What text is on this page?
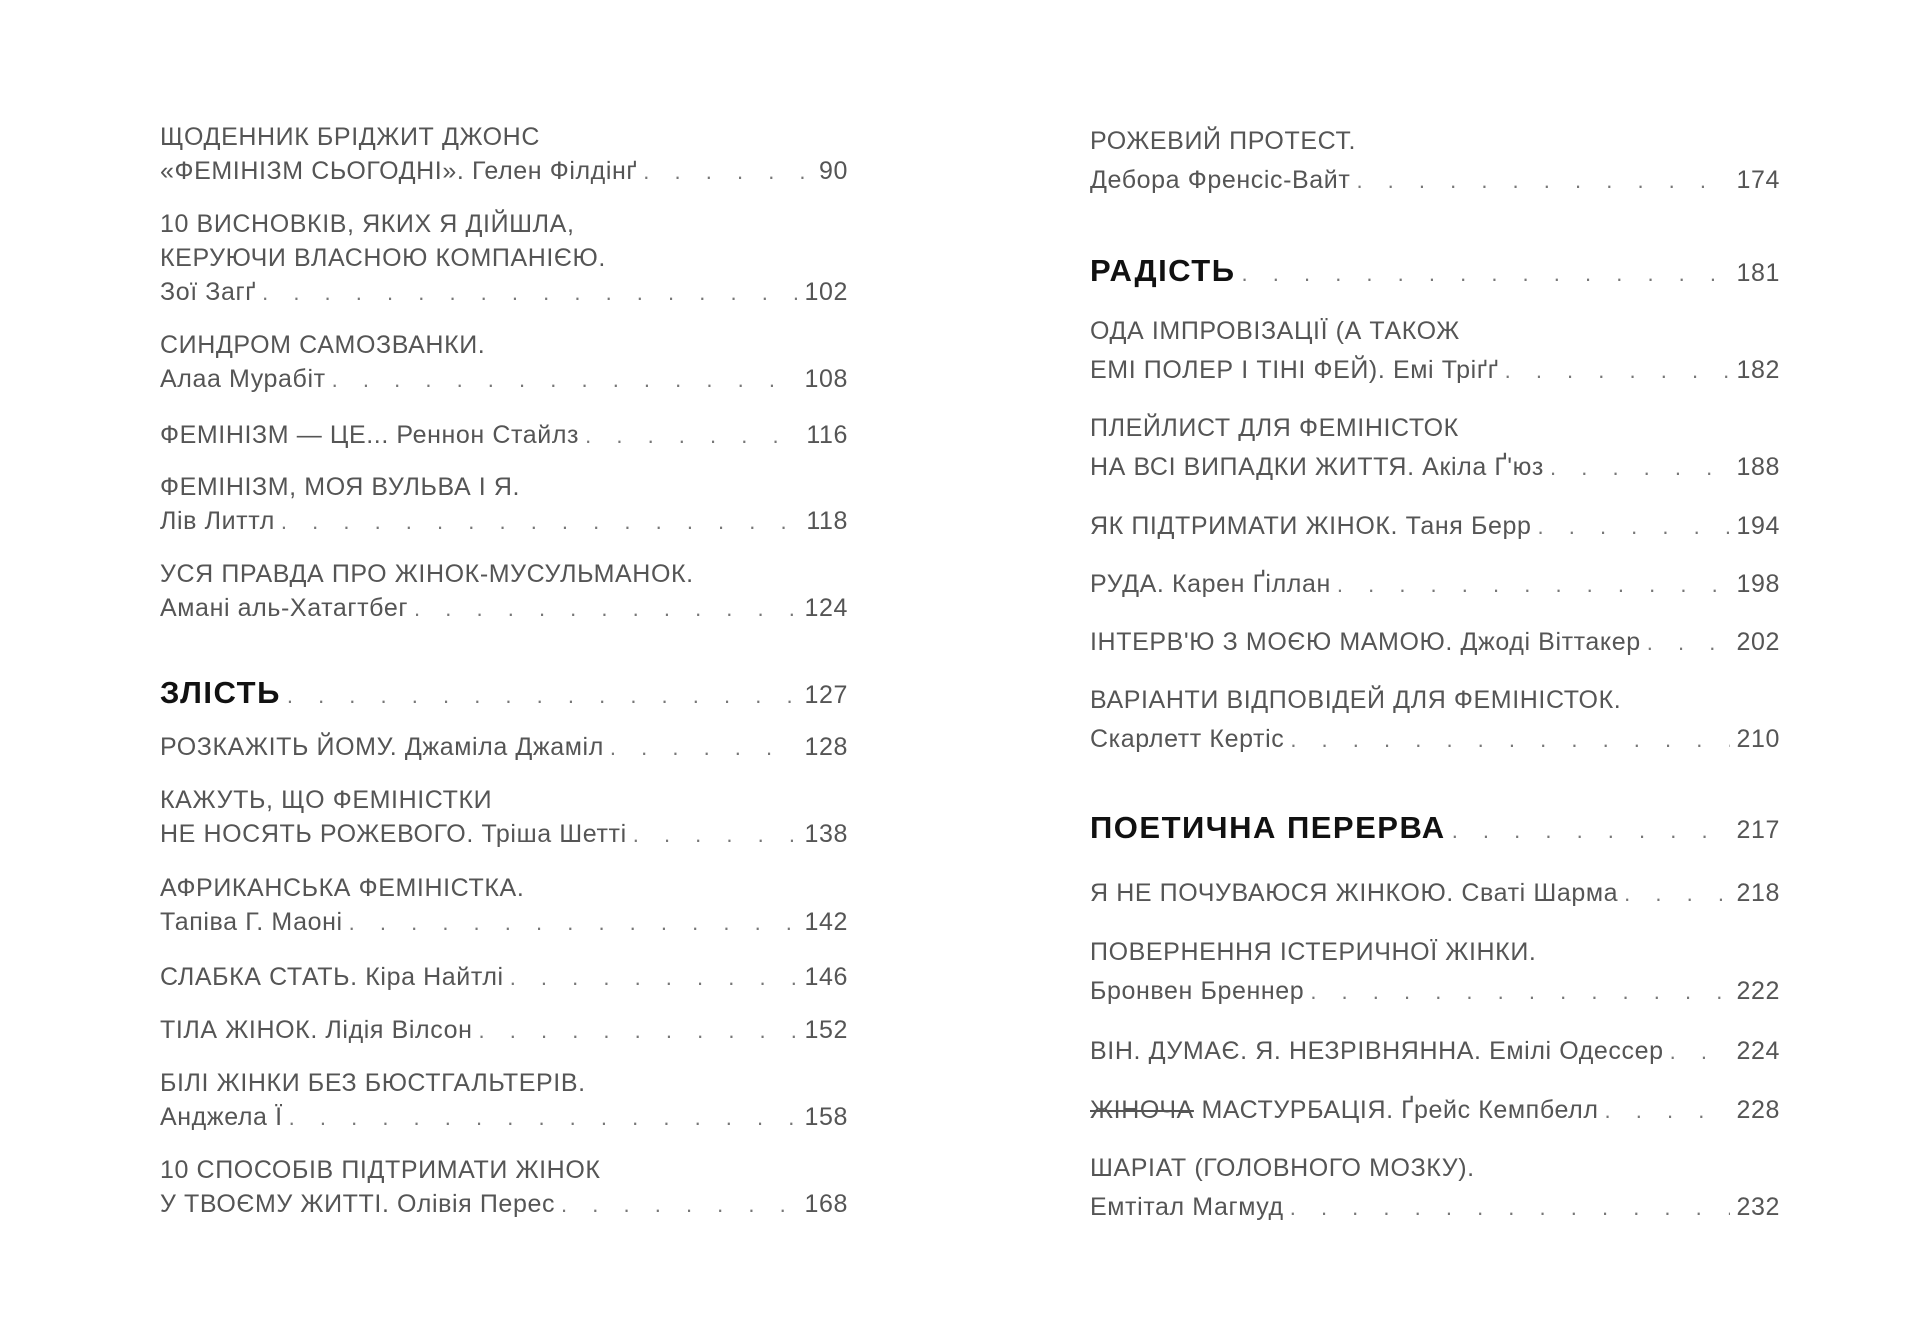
ЩОДЕННИК БРІДЖИТ ДЖОНС
«ФЕМІНІЗМ СЬОГОДНІ». Гелен Філдінґ . . .	90
10 ВИСНОВКІВ, ЯКИХ Я ДІЙШЛА,
КЕРУЮЧИ ВЛАСНОЮ КОМПАНІЄЮ.
Зої Загґ . . .	102
СИНДРОМ САМОЗВАНКИ.
Алаа Мурабіт . . .	108
ФЕМІНІЗМ — ЦЕ... Реннон Стайлз . . .	116
ФЕМІНІЗМ, МОЯ ВУЛЬВА І Я.
Лів Литтл . . .	118
УСЯ ПРАВДА ПРО ЖІНОК-МУСУЛЬМАНОК.
Амані аль-Хатагтбег . . .	124
ЗЛІСТЬ . . .	127
РОЗКАЖІТЬ ЙОМУ. Джаміла Джаміл . . .	128
КАЖУТЬ, ЩО ФЕМІНІСТКИ
НЕ НОСЯТЬ РОЖЕВОГО. Тріша Шетті . . .	138
АФРИКАНСЬКА ФЕМІНІСТКА.
Тапіва Г. Маоні . . .	142
СЛАБКА СТАТЬ. Кіра Найтлі . . .	146
ТІЛА ЖІНОК. Лідія Вілсон . . .	152
БІЛІ ЖІНКИ БЕЗ БЮСТГАЛЬТЕРІВ.
Анджела Ї . . .	158
10 СПОСОБІВ ПІДТРИМАТИ ЖІНОК
У ТВОЄМУ ЖИТТІ. Олівія Перес . . .	168
РОЖЕВИЙ ПРОТЕСТ.
Дебора Френсіс-Вайт . . .	174
РАДІСТЬ . . .	181
ОДА ІМПРОВІЗАЦІЇ (А ТАКОЖ
ЕМІ ПОЛЕР І ТІНІ ФЕЙ). Емі Тріґґ . . .	182
ПЛЕЙЛИСТ ДЛЯ ФЕМІНІСТОК
НА ВСІ ВИПАДКИ ЖИТТЯ. Акіла Ґ'юз . . .	188
ЯК ПІДТРИМАТИ ЖІНОК. Таня Берр . . .	194
РУДА. Карен Ґіллан . . .	198
ІНТЕРВ'Ю З МОЄЮ МАМОЮ. Джоді Віттакер . . .	202
ВАРІАНТИ ВІДПОВІДЕЙ ДЛЯ ФЕМІНІСТОК.
Скарлетт Кертіс . . .	210
ПОЕТИЧНА ПЕРЕРВА . . .	217
Я НЕ ПОЧУВАЮСЯ ЖІНКОЮ. Сваті Шарма . . .	218
ПОВЕРНЕННЯ ІСТЕРИЧНОЇ ЖІНКИ.
Бронвен Бреннер . . .	222
ВІН. ДУМАЄ. Я. НЕЗРІВНЯННА. Емілі Одессер . . .	224
ЖІНОЧА МАСТУРБАЦІЯ. Ґрейс Кемпбелл . . .	228
ШАРІАТ (ГОЛОВНОГО МОЗКУ).
Емтітал Магмуд . . .	232
